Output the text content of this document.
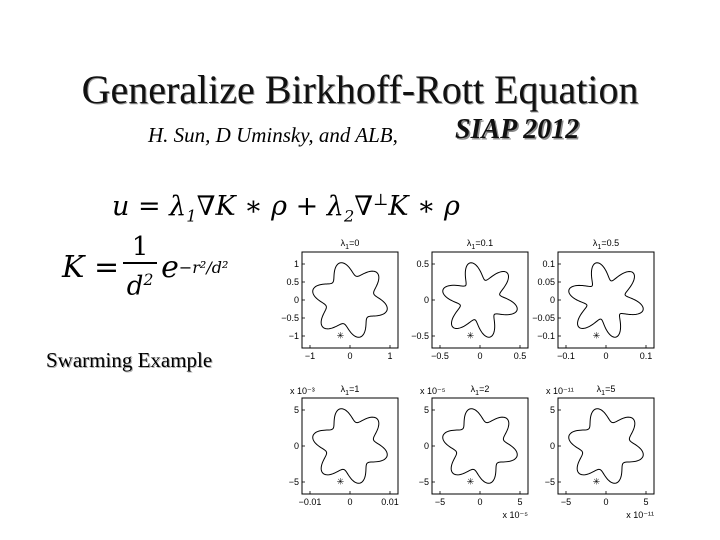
Generalize Birkhoff-Rott Equation
H. Sun, D Uminsky, and ALB, SIAP 2012
$u = \lambda_1\nabla K$ ∗ $\rho + \lambda_2\nabla^\perp K$ ∗ ρ
$K = \frac{1}{d^2}$ e −r²/d²
Swarming Example
$\lambda_1=0$
−1	0	1
1
0.5
0
−0.5
−1	✳
$\lambda_1=0.1$
−0.5	0	0.5
0.5
0
−0.5	✳
$\lambda_1=0.5$
−0.1	0	0.1
0.1
0.05
0
−0.05
−0.1	✳
$\lambda_1=1$
−0.01	0	0.01
5
0
−5
x 10⁻³
✳
$\lambda_1=2$
−5	0	5
5
0
−5
x 10⁻⁵
x 10⁻⁵
✳
$\lambda_1=5$
−5	0	5
5
0
−5
x 10⁻¹¹
x 10⁻¹¹
✳
